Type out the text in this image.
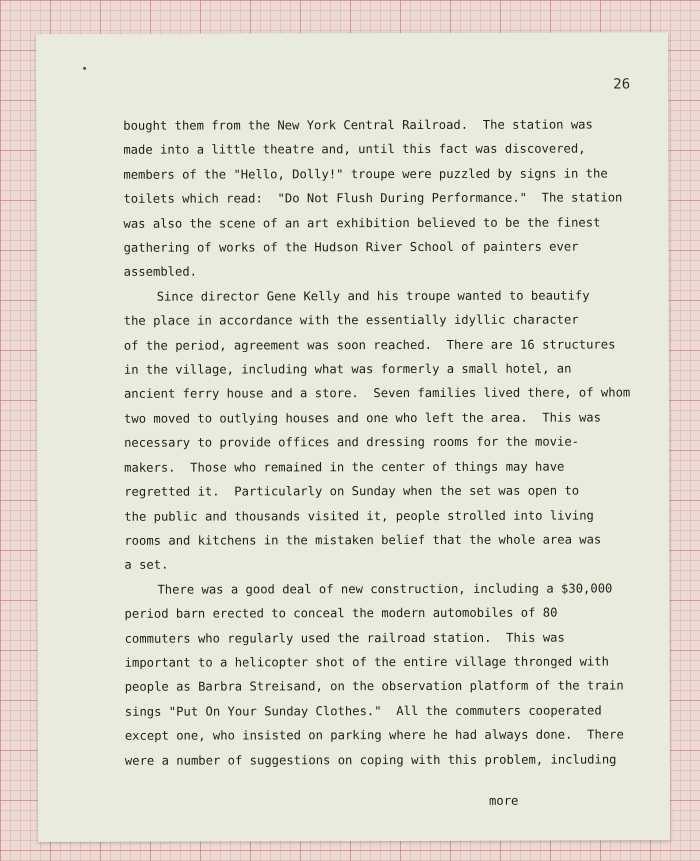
26
bought them from the New York Central Railroad.  The station was
made into a little theatre and, until this fact was discovered,
members of the "Hello, Dolly!" troupe were puzzled by signs in the
toilets which read:  "Do Not Flush During Performance."  The station
was also the scene of an art exhibition believed to be the finest
gathering of works of the Hudson River School of painters ever
assembled.
Since director Gene Kelly and his troupe wanted to beautify
the place in accordance with the essentially idyllic character
of the period, agreement was soon reached.  There are 16 structures
in the village, including what was formerly a small hotel, an
ancient ferry house and a store.  Seven families lived there, of whom
two moved to outlying houses and one who left the area.  This was
necessary to provide offices and dressing rooms for the movie-
makers.  Those who remained in the center of things may have
regretted it.  Particularly on Sunday when the set was open to
the public and thousands visited it, people strolled into living
rooms and kitchens in the mistaken belief that the whole area was
a set.
There was a good deal of new construction, including a $30,000
period barn erected to conceal the modern automobiles of 80
commuters who regularly used the railroad station.  This was
important to a helicopter shot of the entire village thronged with
people as Barbra Streisand, on the observation platform of the train
sings "Put On Your Sunday Clothes."  All the commuters cooperated
except one, who insisted on parking where he had always done.  There
were a number of suggestions on coping with this problem, including
more
